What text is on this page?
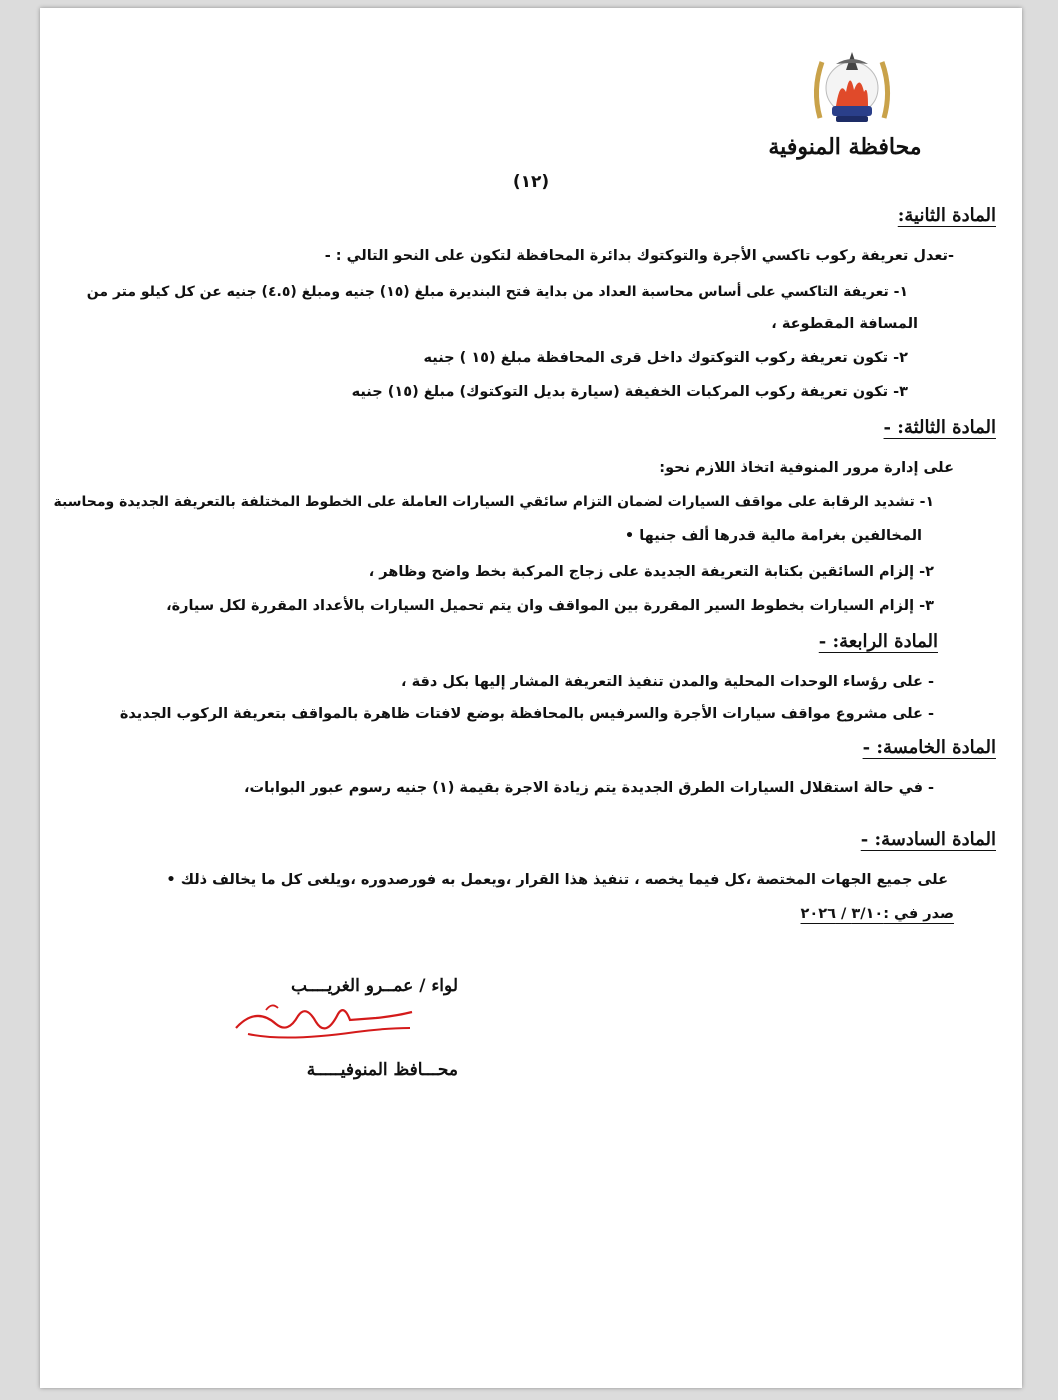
محافظة المنوفية
(١٢)
المادة الثانية:
-تعدل تعريفة ركوب تاكسي الأجرة والتوكتوك بدائرة المحافظة لتكون على النحو التالي : -
١- تعريفة التاكسي على أساس محاسبة العداد من بداية فتح البنديرة مبلغ (١٥) جنيه ومبلغ (٤.٥) جنيه عن كل كيلو متر من
المسافة المقطوعة ،
٢- تكون تعريفة ركوب التوكتوك داخل قرى المحافظة مبلغ (١٥ ) جنيه
٣- تكون تعريفة ركوب المركبات الخفيفة (سيارة بديل التوكتوك) مبلغ (١٥) جنيه
المادة الثالثة: -
على إدارة مرور المنوفية اتخاذ اللازم نحو:
١- تشديد الرقابة على مواقف السيارات لضمان التزام سائقي السيارات العاملة على الخطوط المختلفة بالتعريفة الجديدة ومحاسبة
المخالفين بغرامة مالية قدرها ألف جنيها •
٢- إلزام السائقين بكتابة التعريفة الجديدة على زجاج المركبة بخط واضح وظاهر ،
٣- إلزام السيارات بخطوط السير المقررة بين المواقف وان يتم تحميل السيارات بالأعداد المقررة لكل سيارة،
المادة الرابعة: -
- على رؤساء الوحدات المحلية والمدن تنفيذ التعريفة المشار إليها بكل دقة ،
- على مشروع مواقف سيارات الأجرة والسرفيس بالمحافظة بوضع لافتات ظاهرة بالمواقف بتعريفة الركوب الجديدة
المادة الخامسة: -
- في حالة استقلال السيارات الطرق الجديدة يتم زيادة الاجرة بقيمة (١) جنيه رسوم عبور البوابات،
المادة السادسة: -
على جميع الجهات المختصة ،كل فيما يخصه ، تنفيذ هذا القرار ،ويعمل به فورصدوره ،ويلغى كل ما يخالف ذلك •
صدر في :٣/١٠ / ٢٠٢٦
لواء / عمــرو الغريــــب
محـــافظ المنوفيـــــة
